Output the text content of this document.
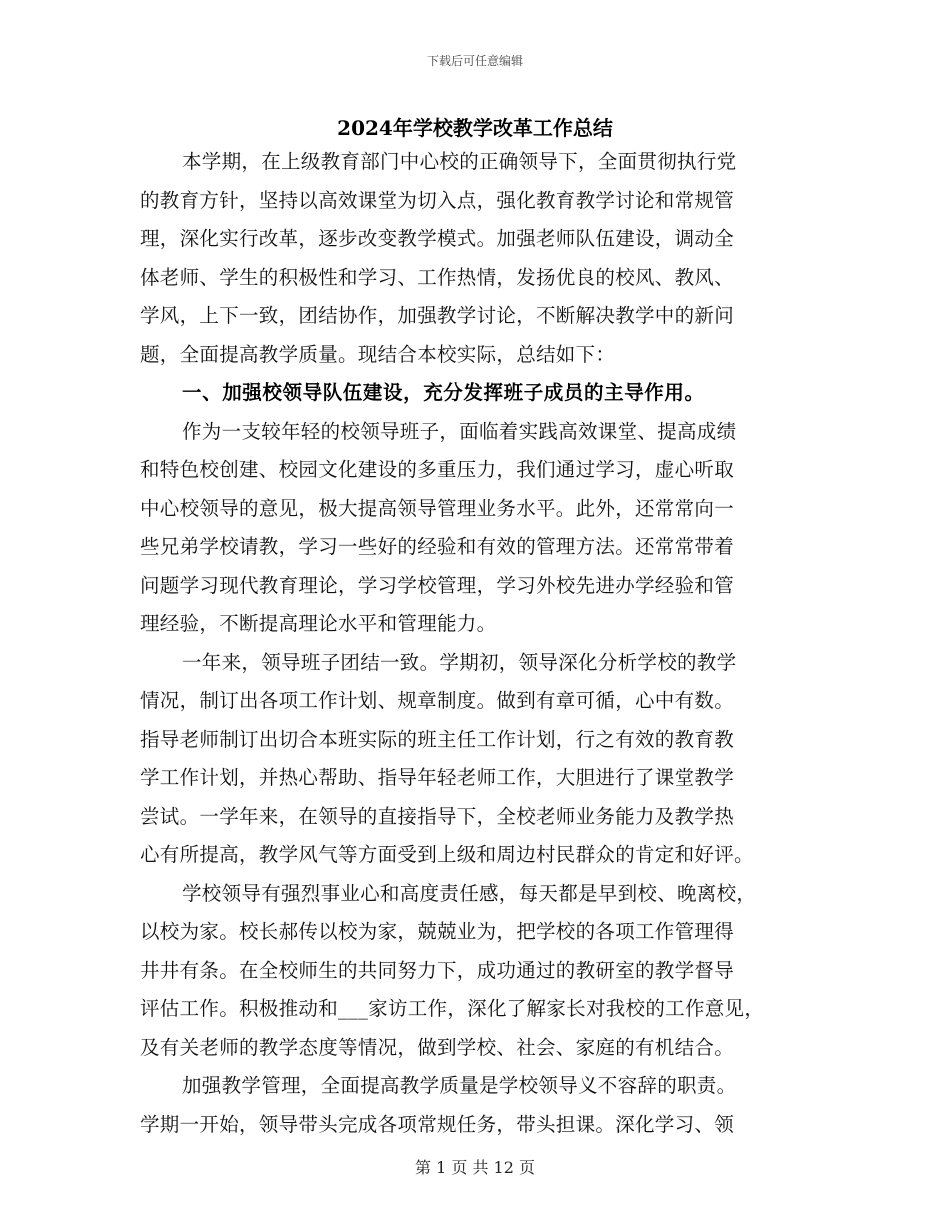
下载后可任意编辑
2024年学校教学改革工作总结
本学期，在上级教育部门中心校的正确领导下，全面贯彻执行党
的教育方针，坚持以高效课堂为切入点，强化教育教学讨论和常规管
理，深化实行改革，逐步改变教学模式。加强老师队伍建设，调动全
体老师、学生的积极性和学习、工作热情，发扬优良的校风、教风、
学风，上下一致，团结协作，加强教学讨论，不断解决教学中的新问
题，全面提高教学质量。现结合本校实际，总结如下：
一、加强校领导队伍建设，充分发挥班子成员的主导作用。
作为一支较年轻的校领导班子，面临着实践高效课堂、提高成绩
和特色校创建、校园文化建设的多重压力，我们通过学习，虚心听取
中心校领导的意见，极大提高领导管理业务水平。此外，还常常向一
些兄弟学校请教，学习一些好的经验和有效的管理方法。还常常带着
问题学习现代教育理论，学习学校管理，学习外校先进办学经验和管
理经验，不断提高理论水平和管理能力。
一年来，领导班子团结一致。学期初，领导深化分析学校的教学
情况，制订出各项工作计划、规章制度。做到有章可循，心中有数。
指导老师制订出切合本班实际的班主任工作计划，行之有效的教育教
学工作计划，并热心帮助、指导年轻老师工作，大胆进行了课堂教学
尝试。一学年来，在领导的直接指导下，全校老师业务能力及教学热
心有所提高，教学风气等方面受到上级和周边村民群众的肯定和好评。
学校领导有强烈事业心和高度责任感，每天都是早到校、晚离校，
以校为家。校长郝传以校为家，兢兢业为，把学校的各项工作管理得
井井有条。在全校师生的共同努力下，成功通过的教研室的教学督导
评估工作。积极推动和___家访工作，深化了解家长对我校的工作意见，
及有关老师的教学态度等情况，做到学校、社会、家庭的有机结合。
加强教学管理，全面提高教学质量是学校领导义不容辞的职责。
学期一开始，领导带头完成各项常规任务，带头担课。深化学习、领
第 1 页 共 12 页
